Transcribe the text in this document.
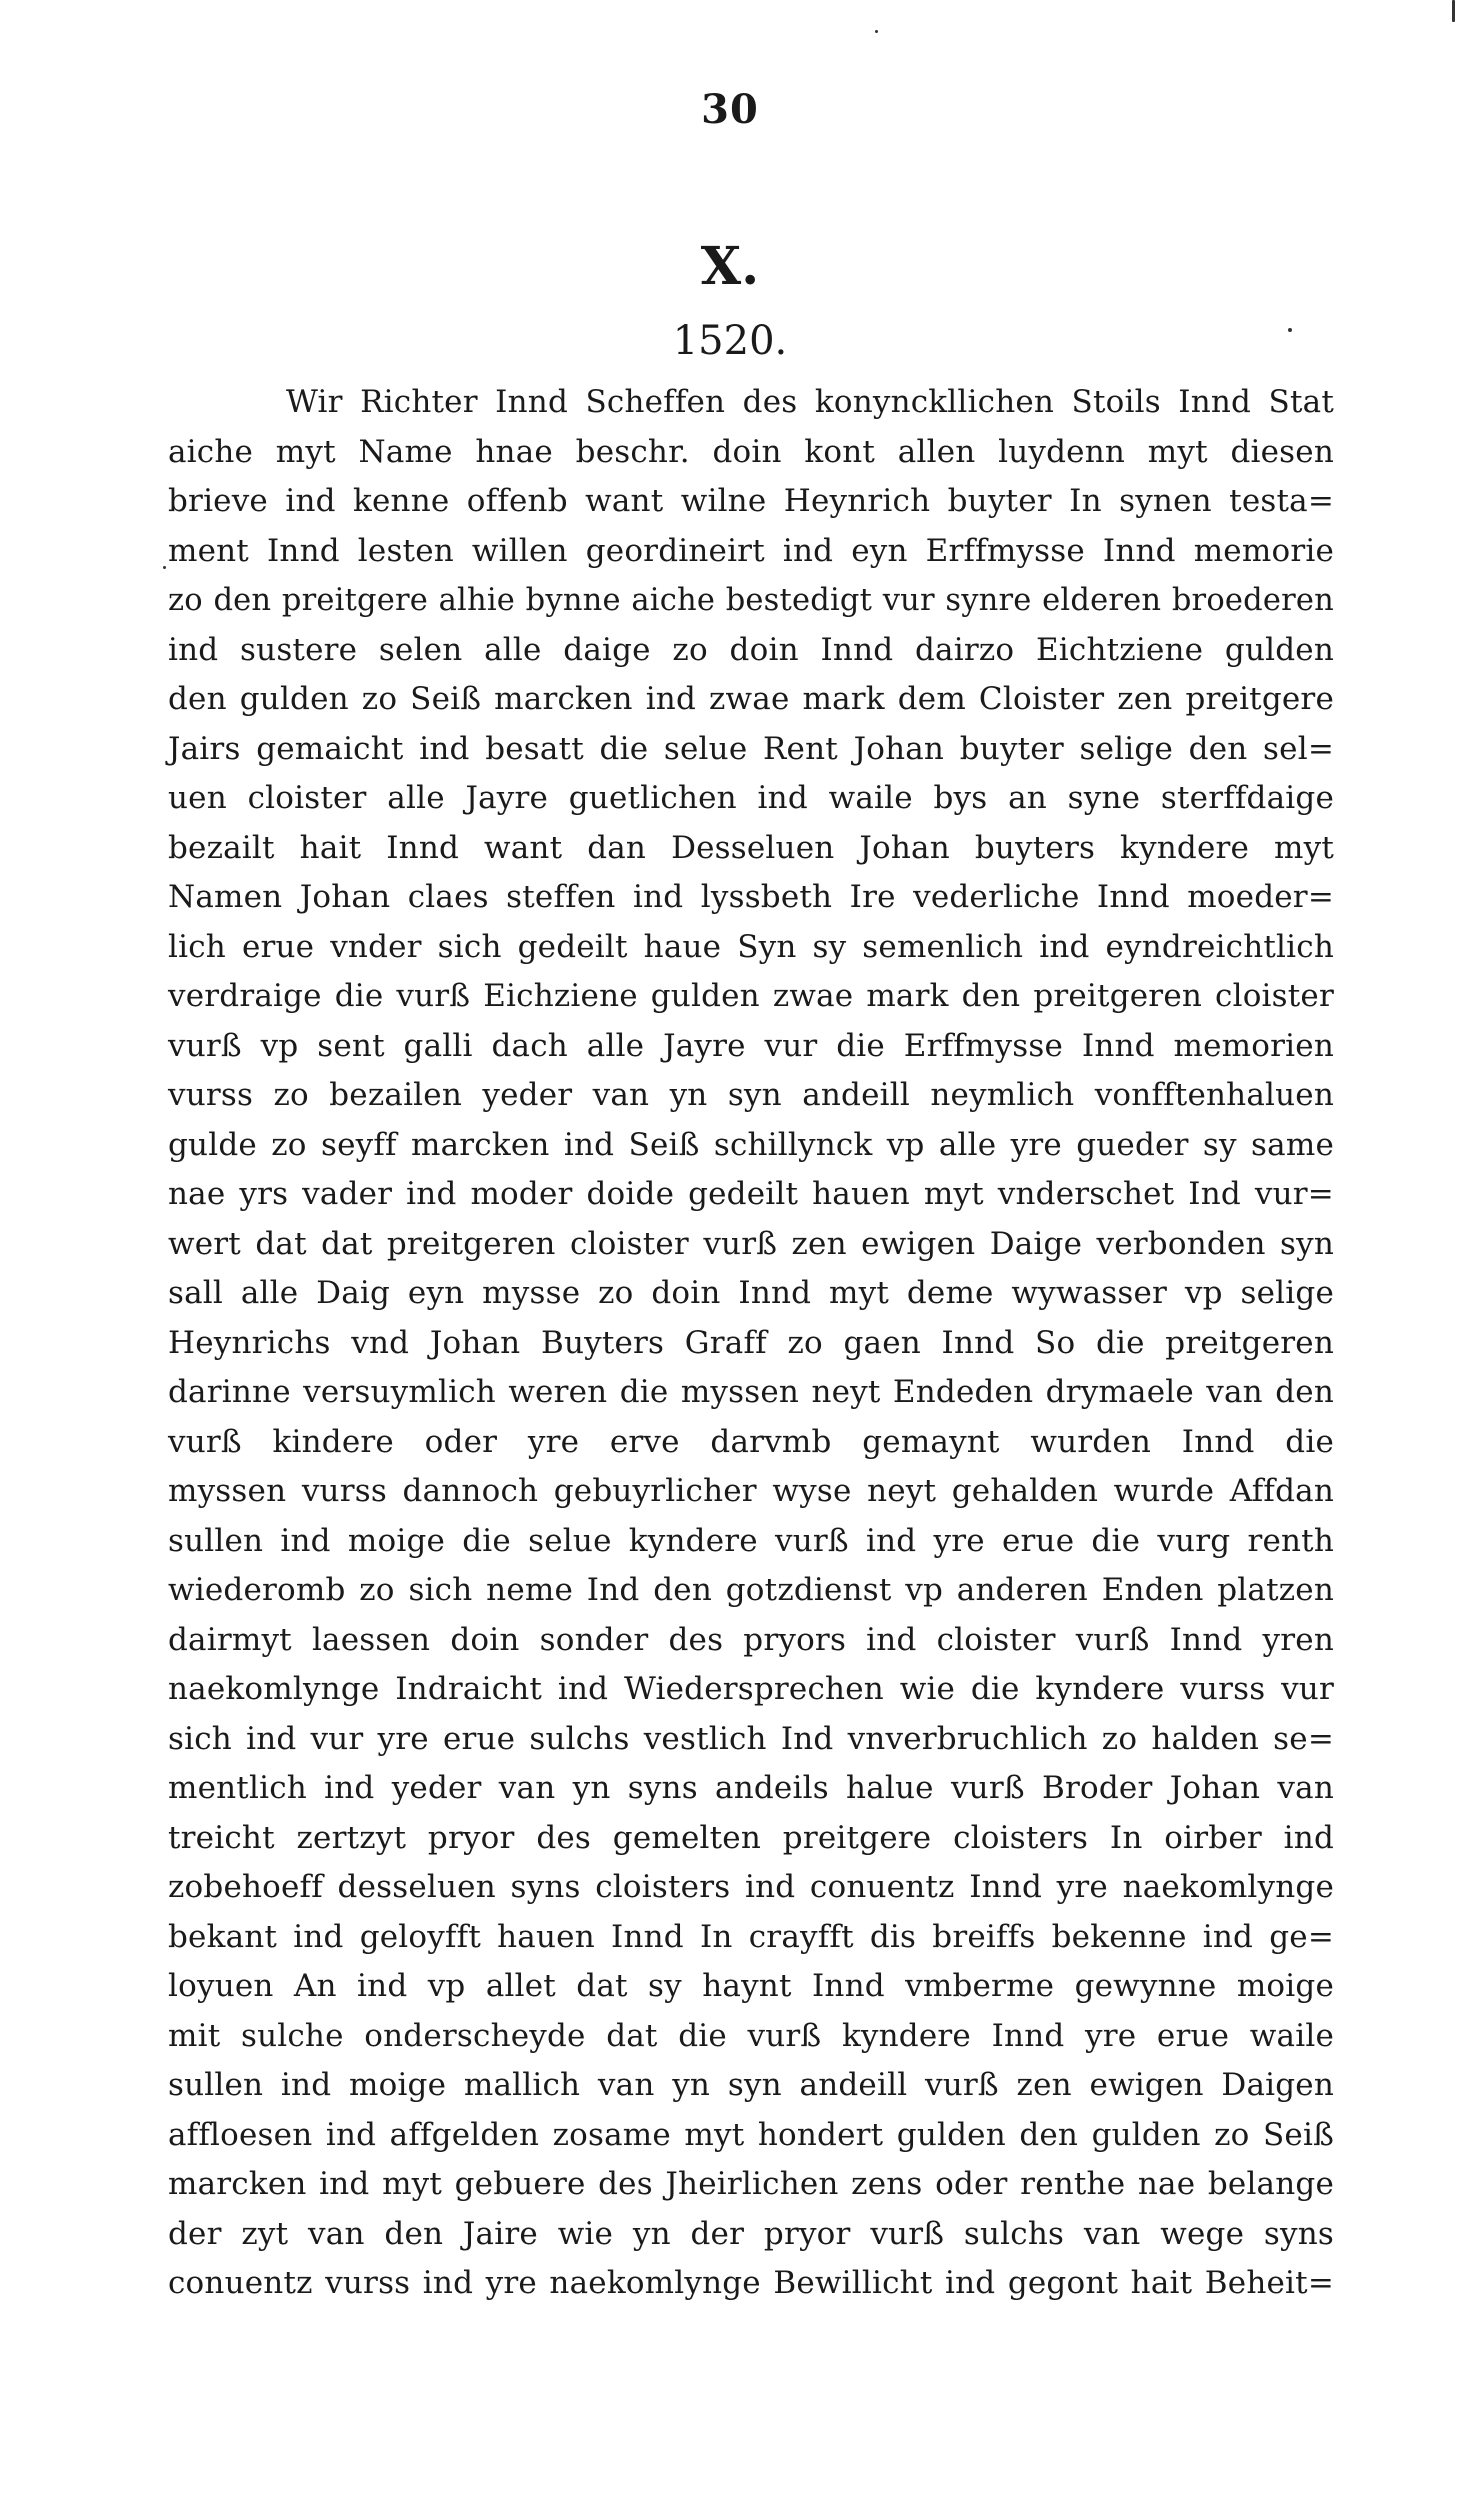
30
X.
1520.
Wir Richter Innd Scheffen des konynckllichen Stoils Innd Stat
aiche myt Name hnae beschr. doin kont allen luydenn myt diesen
brieve ind kenne offenb want wilne Heynrich buyter In synen testa=
ment Innd lesten willen geordineirt ind eyn Erffmysse Innd memorie
zo den preitgere alhie bynne aiche bestedigt vur synre elderen broederen
ind sustere selen alle daige zo doin Innd dairzo Eichtziene gulden
den gulden zo Seiß marcken ind zwae mark dem Cloister zen preitgere
Jairs gemaicht ind besatt die selue Rent Johan buyter selige den sel=
uen cloister alle Jayre guetlichen ind waile bys an syne sterffdaige
bezailt hait Innd want dan Desseluen Johan buyters kyndere myt
Namen Johan claes steffen ind lyssbeth Ire vederliche Innd moeder=
lich erue vnder sich gedeilt haue Syn sy semenlich ind eyndreichtlich
verdraige die vurß Eichziene gulden zwae mark den preitgeren cloister
vurß vp sent galli dach alle Jayre vur die Erffmysse Innd memorien
vurss zo bezailen yeder van yn syn andeill neymlich vonfftenhaluen
gulde zo seyff marcken ind Seiß schillynck vp alle yre gueder sy same
nae yrs vader ind moder doide gedeilt hauen myt vnderschet Ind vur=
wert dat dat preitgeren cloister vurß zen ewigen Daige verbonden syn
sall alle Daig eyn mysse zo doin Innd myt deme wywasser vp selige
Heynrichs vnd Johan Buyters Graff zo gaen Innd So die preitgeren
darinne versuymlich weren die myssen neyt Endeden drymaele van den
vurß kindere oder yre erve darvmb gemaynt wurden Innd die
myssen vurss dannoch gebuyrlicher wyse neyt gehalden wurde Affdan
sullen ind moige die selue kyndere vurß ind yre erue die vurg renth
wiederomb zo sich neme Ind den gotzdienst vp anderen Enden platzen
dairmyt laessen doin sonder des pryors ind cloister vurß Innd yren
naekomlynge Indraicht ind Wiedersprechen wie die kyndere vurss vur
sich ind vur yre erue sulchs vestlich Ind vnverbruchlich zo halden se=
mentlich ind yeder van yn syns andeils halue vurß Broder Johan van
treicht zertzyt pryor des gemelten preitgere cloisters In oirber ind
zobehoeff desseluen syns cloisters ind conuentz Innd yre naekomlynge
bekant ind geloyfft hauen Innd In crayfft dis breiffs bekenne ind ge=
loyuen An ind vp allet dat sy haynt Innd vmberme gewynne moige
mit sulche onderscheyde dat die vurß kyndere Innd yre erue waile
sullen ind moige mallich van yn syn andeill vurß zen ewigen Daigen
affloesen ind affgelden zosame myt hondert gulden den gulden zo Seiß
marcken ind myt gebuere des Jheirlichen zens oder renthe nae belange
der zyt van den Jaire wie yn der pryor vurß sulchs van wege syns
conuentz vurss ind yre naekomlynge Bewillicht ind gegont hait Beheit=
